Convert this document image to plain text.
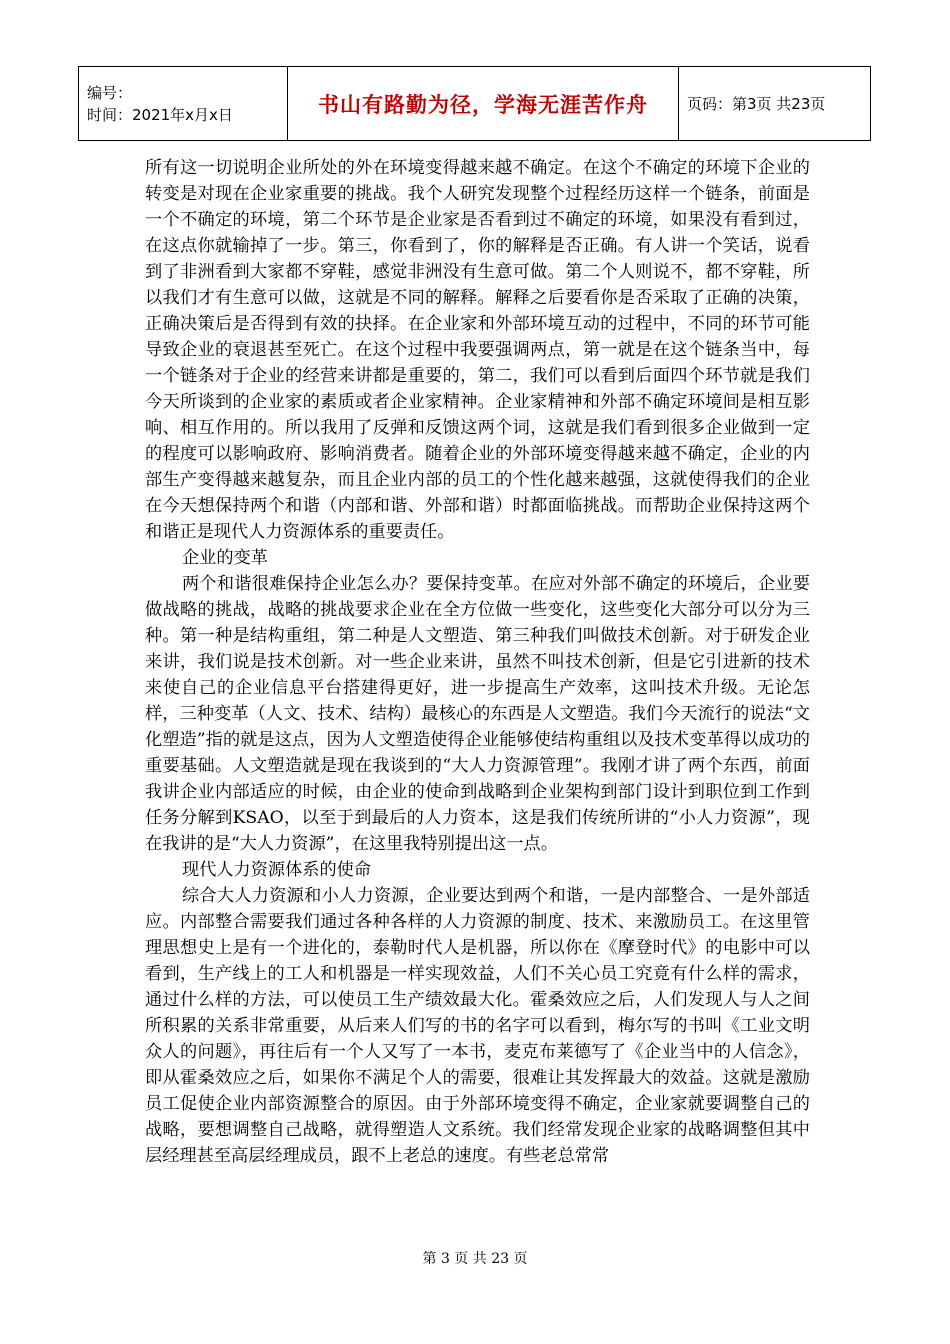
编号：
时间：2021年x月x日	书山有路勤为径，学海无涯苦作舟	页码：第3页 共23页

所有这一切说明企业所处的外在环境变得越来越不确定。在这个不确定的环境下企业的转变是对现在企业家重要的挑战。我个人研究发现整个过程经历这样一个链条，前面是一个不确定的环境，第二个环节是企业家是否看到过不确定的环境，如果没有看到过，在这点你就输掉了一步。第三，你看到了，你的解释是否正确。有人讲一个笑话，说看到了非洲看到大家都不穿鞋，感觉非洲没有生意可做。第二个人则说不，都不穿鞋，所以我们才有生意可以做，这就是不同的解释。解释之后要看你是否采取了正确的决策，正确决策后是否得到有效的抉择。在企业家和外部环境互动的过程中，不同的环节可能导致企业的衰退甚至死亡。在这个过程中我要强调两点，第一就是在这个链条当中，每一个链条对于企业的经营来讲都是重要的，第二，我们可以看到后面四个环节就是我们今天所谈到的企业家的素质或者企业家精神。企业家精神和外部不确定环境间是相互影响、相互作用的。所以我用了反弹和反馈这两个词，这就是我们看到很多企业做到一定的程度可以影响政府、影响消费者。随着企业的外部环境变得越来越不确定，企业的内部生产变得越来越复杂，而且企业内部的员工的个性化越来越强，这就使得我们的企业在今天想保持两个和谐（内部和谐、外部和谐）时都面临挑战。而帮助企业保持这两个和谐正是现代人力资源体系的重要责任。

企业的变革

两个和谐很难保持企业怎么办？要保持变革。在应对外部不确定的环境后，企业要做战略的挑战，战略的挑战要求企业在全方位做一些变化，这些变化大部分可以分为三种。第一种是结构重组，第二种是人文塑造、第三种我们叫做技术创新。对于研发企业来讲，我们说是技术创新。对一些企业来讲，虽然不叫技术创新，但是它引进新的技术来使自己的企业信息平台搭建得更好，进一步提高生产效率，这叫技术升级。无论怎样，三种变革（人文、技术、结构）最核心的东西是人文塑造。我们今天流行的说法“文化塑造”指的就是这点，因为人文塑造使得企业能够使结构重组以及技术变革得以成功的重要基础。人文塑造就是现在我谈到的“大人力资源管理”。我刚才讲了两个东西，前面我讲企业内部适应的时候，由企业的使命到战略到企业架构到部门设计到职位到工作到任务分解到KSAO，以至于到最后的人力资本，这是我们传统所讲的“小人力资源”，现在我讲的是“大人力资源”，在这里我特别提出这一点。

现代人力资源体系的使命

综合大人力资源和小人力资源，企业要达到两个和谐，一是内部整合、一是外部适应。内部整合需要我们通过各种各样的人力资源的制度、技术、来激励员工。在这里管理思想史上是有一个进化的，泰勒时代人是机器，所以你在《摩登时代》的电影中可以看到，生产线上的工人和机器是一样实现效益，人们不关心员工究竟有什么样的需求，通过什么样的方法，可以使员工生产绩效最大化。霍桑效应之后，人们发现人与人之间所积累的关系非常重要，从后来人们写的书的名字可以看到，梅尔写的书叫《工业文明众人的问题》，再往后有一个人又写了一本书，麦克布莱德写了《企业当中的人信念》，即从霍桑效应之后，如果你不满足个人的需要，很难让其发挥最大的效益。这就是激励员工促使企业内部资源整合的原因。由于外部环境变得不确定，企业家就要调整自己的战略，要想调整自己战略，就得塑造人文系统。我们经常发现企业家的战略调整但其中层经理甚至高层经理成员，跟不上老总的速度。有些老总常常

第 3 页 共 23 页
